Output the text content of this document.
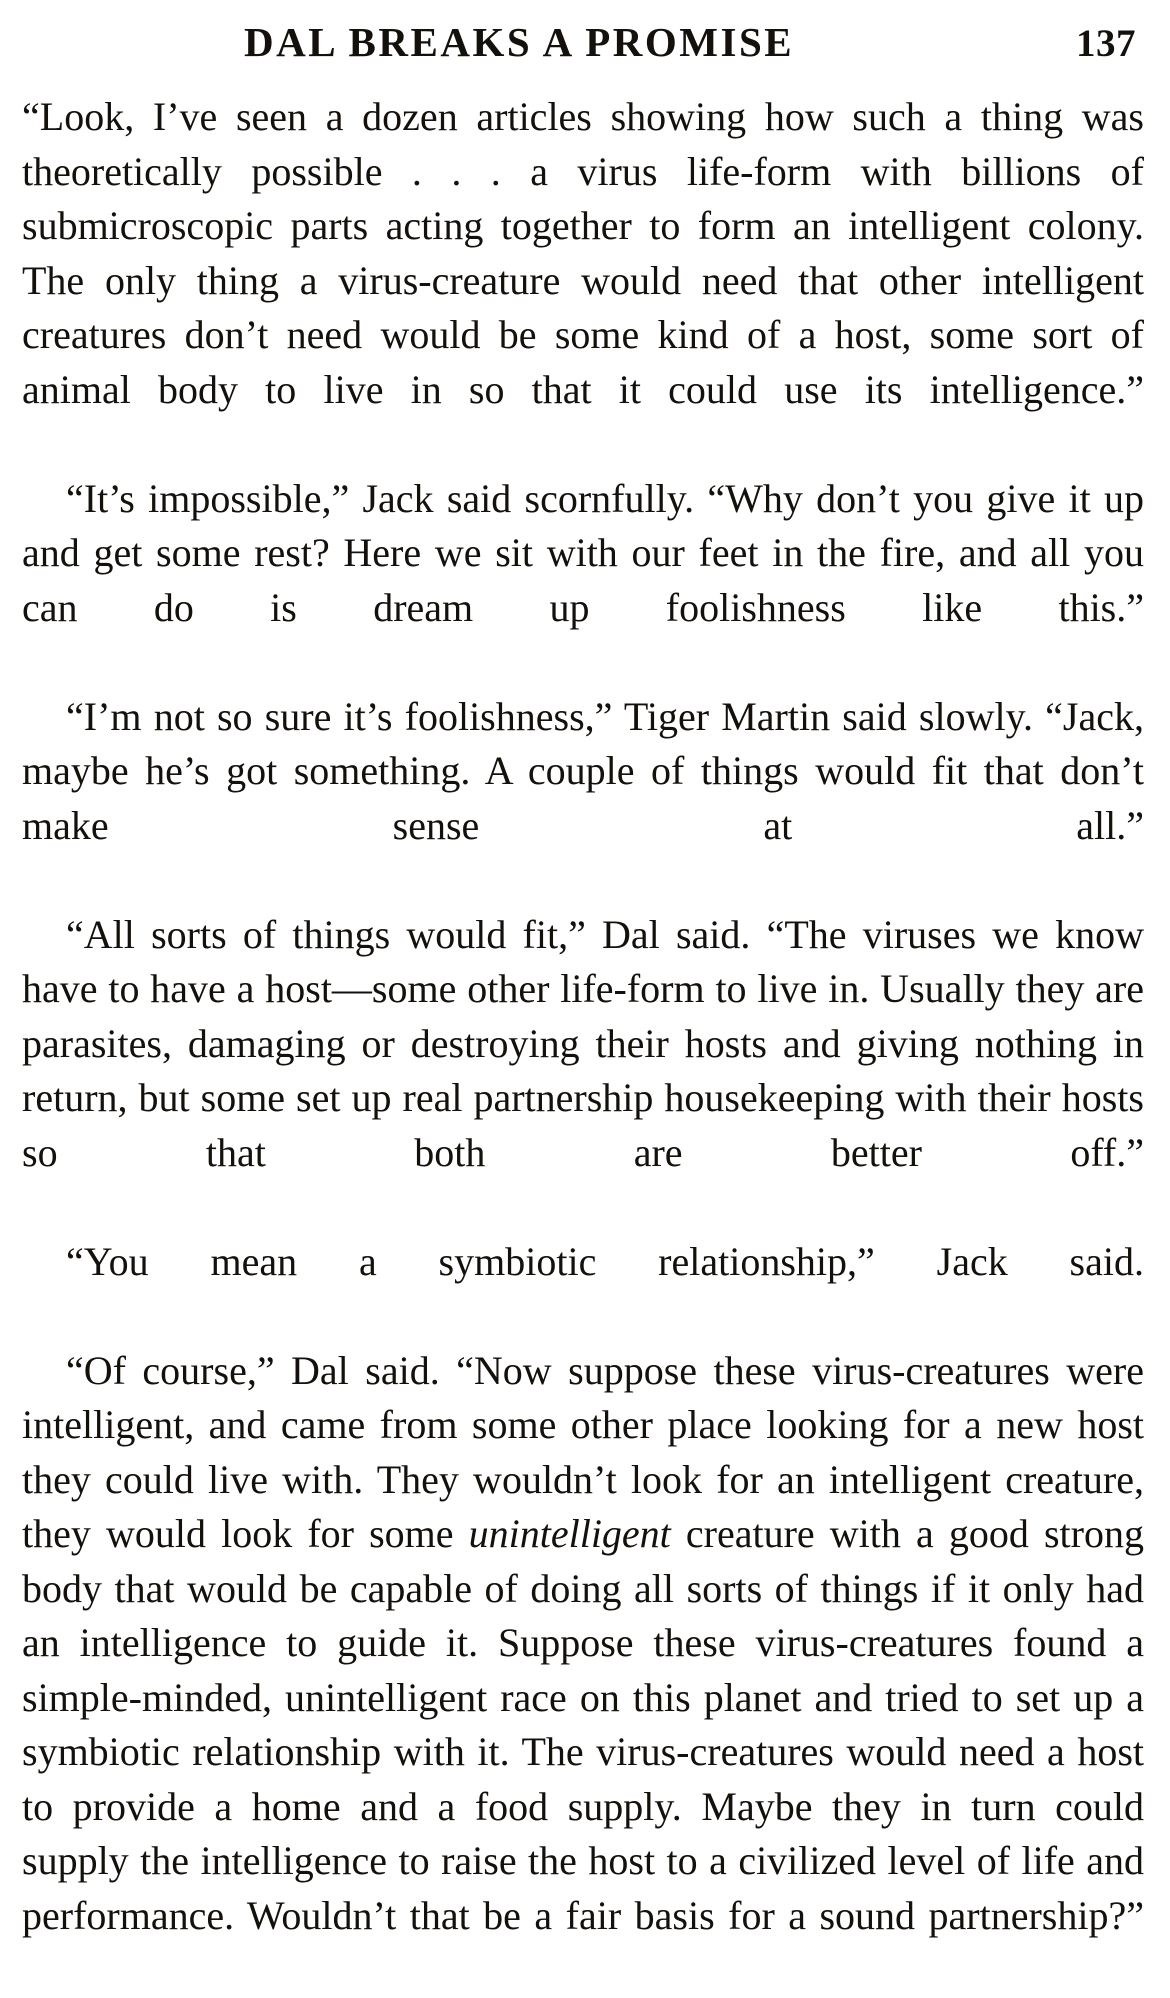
DAL BREAKS A PROMISE	137

“Look, I’ve seen a dozen articles showing how such a thing was theoretically possible . . . a virus life-form with billions of submicroscopic parts acting together to form an intelligent colony. The only thing a virus-creature would need that other intelligent creatures don’t need would be some kind of a host, some sort of animal body to live in so that it could use its intelligence.”

“It’s impossible,” Jack said scornfully. “Why don’t you give it up and get some rest? Here we sit with our feet in the fire, and all you can do is dream up foolishness like this.”

“I’m not so sure it’s foolishness,” Tiger Martin said slowly. “Jack, maybe he’s got something. A couple of things would fit that don’t make sense at all.”

“All sorts of things would fit,” Dal said. “The viruses we know have to have a host—some other life-form to live in. Usually they are parasites, damaging or destroying their hosts and giving nothing in return, but some set up real partnership housekeeping with their hosts so that both are better off.”

“You mean a symbiotic relationship,” Jack said.

“Of course,” Dal said. “Now suppose these virus-creatures were intelligent, and came from some other place looking for a new host they could live with. They wouldn’t look for an intelligent creature, they would look for some unintelligent creature with a good strong body that would be capable of doing all sorts of things if it only had an intelligence to guide it. Suppose these virus-creatures found a simple-minded, unintelligent race on this planet and tried to set up a symbiotic relationship with it. The virus-creatures would need a host to provide a home and a food supply. Maybe they in turn could supply the intelligence to raise the host to a civilized level of life and performance. Wouldn’t that be a fair basis for a sound partnership?”
